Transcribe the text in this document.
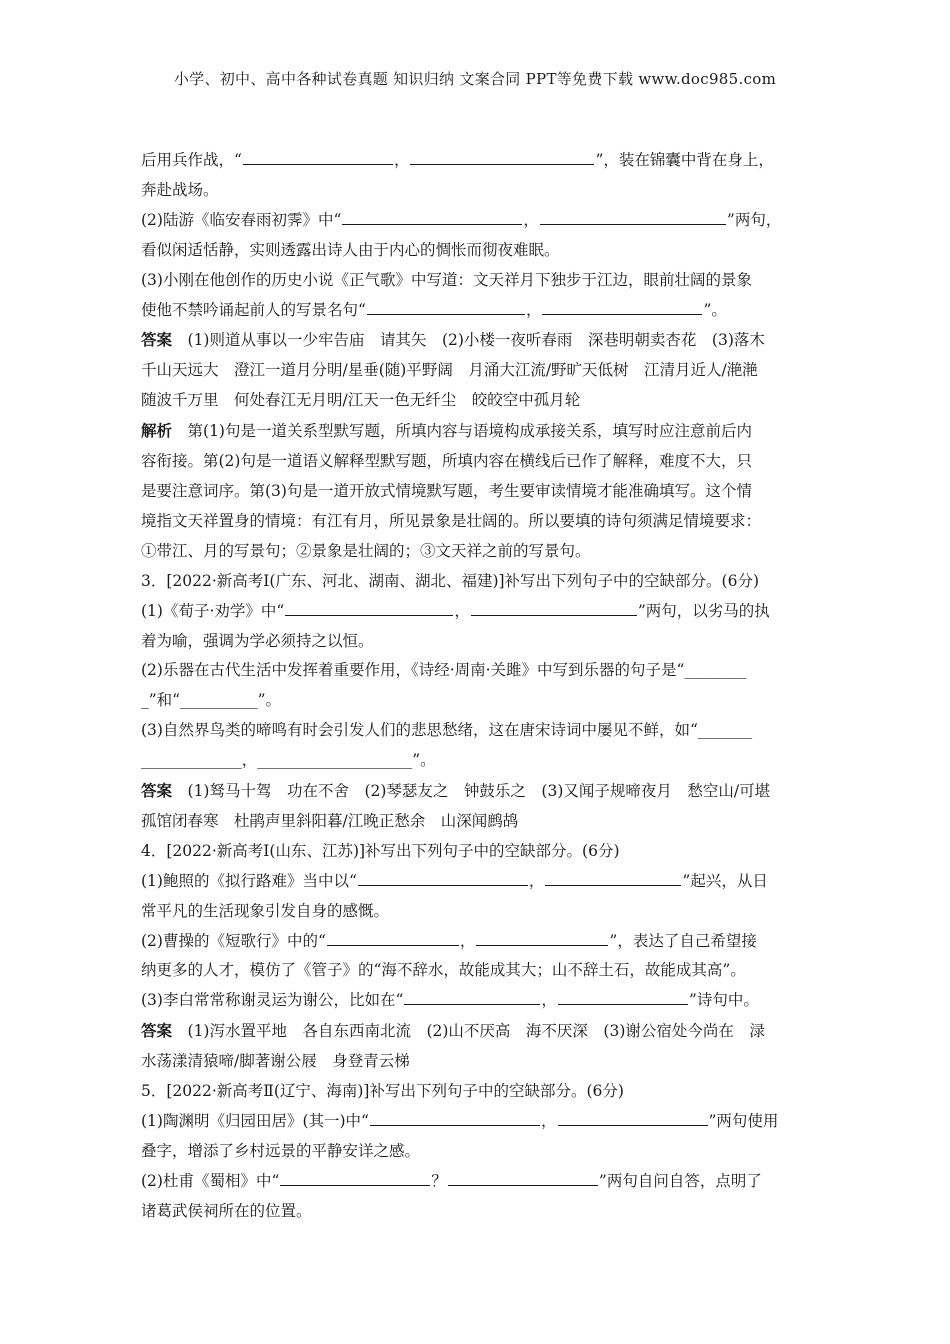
小学、初中、高中各种试卷真题 知识归纳 文案合同 PPT等免费下载 www.doc985.com

后用兵作战，“	，	”，装在锦囊中背在身上，

奔赴战场。

(2)陆游《临安春雨初霁》中“	，	”两句，

看似闲适恬静，实则透露出诗人由于内心的惆怅而彻夜难眠。

(3)小刚在他创作的历史小说《正气歌》中写道：文天祥月下独步于江边，眼前壮阔的景象

使他不禁吟诵起前人的写景名句“	，	”。

答案　(1)则道从事以一少牢告庙　请其矢　(2)小楼一夜听春雨　深巷明朝卖杏花　(3)落木

千山天远大　澄江一道月分明/星垂(随)平野阔　月涌大江流/野旷天低树　江清月近人/滟滟

随波千万里　何处春江无月明/江天一色无纤尘　皎皎空中孤月轮

解析　第(1)句是一道关系型默写题，所填内容与语境构成承接关系，填写时应注意前后内

容衔接。第(2)句是一道语义解释型默写题，所填内容在横线后已作了解释，难度不大，只

是要注意词序。第(3)句是一道开放式情境默写题，考生要审读情境才能准确填写。这个情

境指文天祥置身的情境：有江有月，所见景象是壮阔的。所以要填的诗句须满足情境要求：

①带江、月的写景句；②景象是壮阔的；③文天祥之前的写景句。

3．[2022·新高考Ⅰ(广东、河北、湖南、湖北、福建)]补写出下列句子中的空缺部分。(6分)

(1)《荀子·劝学》中“	，	”两句，以劣马的执

着为喻，强调为学必须持之以恒。

(2)乐器在古代生活中发挥着重要作用，《诗经·周南·关雎》中写到乐器的句子是“________

_”和“__________”。

(3)自然界鸟类的啼鸣有时会引发人们的悲思愁绪，这在唐宋诗词中屡见不鲜，如“_______

_____________，____________________”。

答案　(1)驽马十驾　功在不舍　(2)琴瑟友之　钟鼓乐之　(3)又闻子规啼夜月　愁空山/可堪

孤馆闭春寒　杜鹃声里斜阳暮/江晚正愁余　山深闻鹧鸪

4．[2022·新高考Ⅰ(山东、江苏)]补写出下列句子中的空缺部分。(6分)

(1)鲍照的《拟行路难》当中以“	，	”起兴，从日

常平凡的生活现象引发自身的感慨。

(2)曹操的《短歌行》中的“	，	”，表达了自己希望接

纳更多的人才，模仿了《管子》的“海不辞水，故能成其大；山不辞土石，故能成其高”。

(3)李白常常称谢灵运为谢公，比如在“	，	”诗句中。

答案　(1)泻水置平地　各自东西南北流　(2)山不厌高　海不厌深　(3)谢公宿处今尚在　渌

水荡漾清猿啼/脚著谢公屐　身登青云梯

5．[2022·新高考Ⅱ(辽宁、海南)]补写出下列句子中的空缺部分。(6分)

(1)陶渊明《归园田居》(其一)中“	，	”两句使用

叠字，增添了乡村远景的平静安详之感。

(2)杜甫《蜀相》中“	？	”两句自问自答，点明了

诸葛武侯祠所在的位置。
